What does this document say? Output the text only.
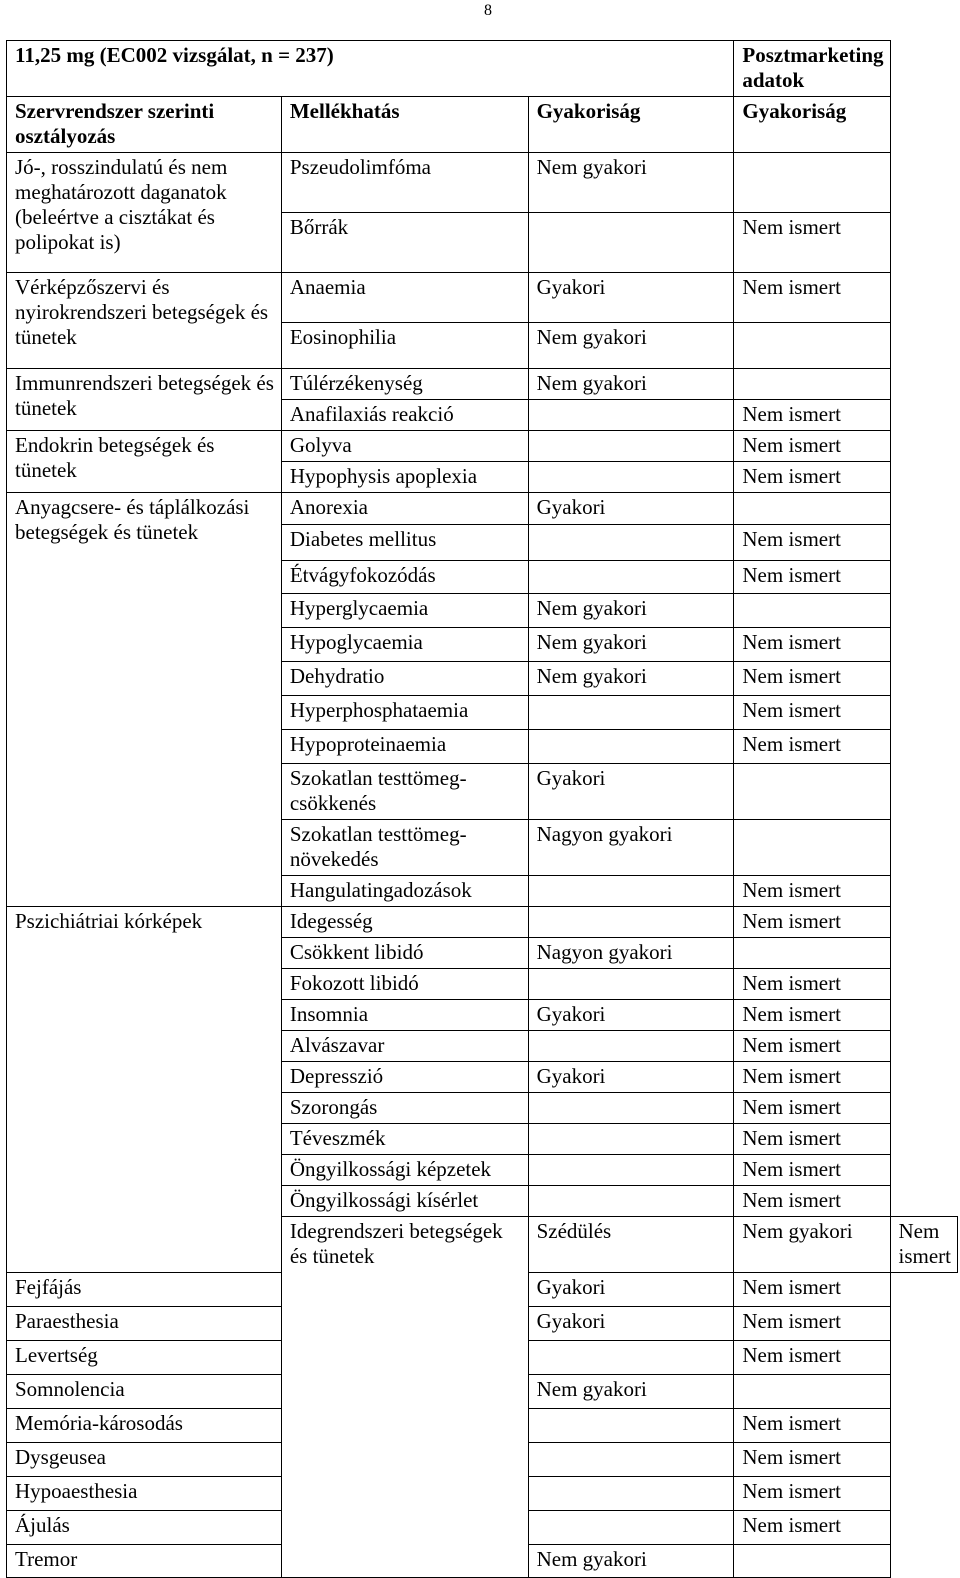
8
11,25 mg (EC002 vizsgálat, n = 237)			Posztmarketing adatok	
Szervrendszer szerinti osztályozás	Mellékhatás	Gyakoriság	Gyakoriság	
Jó-, rosszindulatú és nem meghatározott daganatok (beleértve a cisztákat és polipokat is)	Pszeudolimfóma	Nem gyakori		
	Bőrrák		Nem ismert	
Vérképzőszervi és nyirokrendszeri betegségek és tünetek	Anaemia	Gyakori	Nem ismert	
	Eosinophilia	Nem gyakori		
Immunrendszeri betegségek és tünetek	Túlérzékenység	Nem gyakori		
	Anafilaxiás reakció		Nem ismert	
Endokrin betegségek és tünetek	Golyva		Nem ismert	
	Hypophysis apoplexia		Nem ismert	
Anyagcsere- és táplálkozási betegségek és tünetek	Anorexia	Gyakori		
	Diabetes mellitus		Nem ismert	
	Étvágyfokozódás		Nem ismert	
	Hyperglycaemia	Nem gyakori		
	Hypoglycaemia	Nem gyakori	Nem ismert	
	Dehydratio	Nem gyakori	Nem ismert	
	Hyperphosphataemia		Nem ismert	
	Hypoproteinaemia		Nem ismert	
	Szokatlan testtömeg-csökkenés	Gyakori		
	Szokatlan testtömeg-növekedés	Nagyon gyakori		
	Hangulatingadozások		Nem ismert	
Pszichiátriai kórképek	Idegesség		Nem ismert	
	Csökkent libidó	Nagyon gyakori		
	Fokozott libidó		Nem ismert	
	Insomnia	Gyakori	Nem ismert	
	Alvászavar		Nem ismert	
	Depresszió	Gyakori	Nem ismert	
	Szorongás		Nem ismert	
	Téveszmék		Nem ismert	
	Öngyilkossági képzetek		Nem ismert	
	Öngyilkossági kísérlet		Nem ismert	
	Idegrendszeri betegségek és tünetek	Szédülés	Nem gyakori	Nem ismert
Fejfájás		Gyakori	Nem ismert	
Paraesthesia		Gyakori	Nem ismert	
Levertség			Nem ismert	
Somnolencia		Nem gyakori		
Memória-károsodás			Nem ismert	
Dysgeusea			Nem ismert	
Hypoaesthesia			Nem ismert	
Ájulás			Nem ismert	
Tremor		Nem gyakori		
